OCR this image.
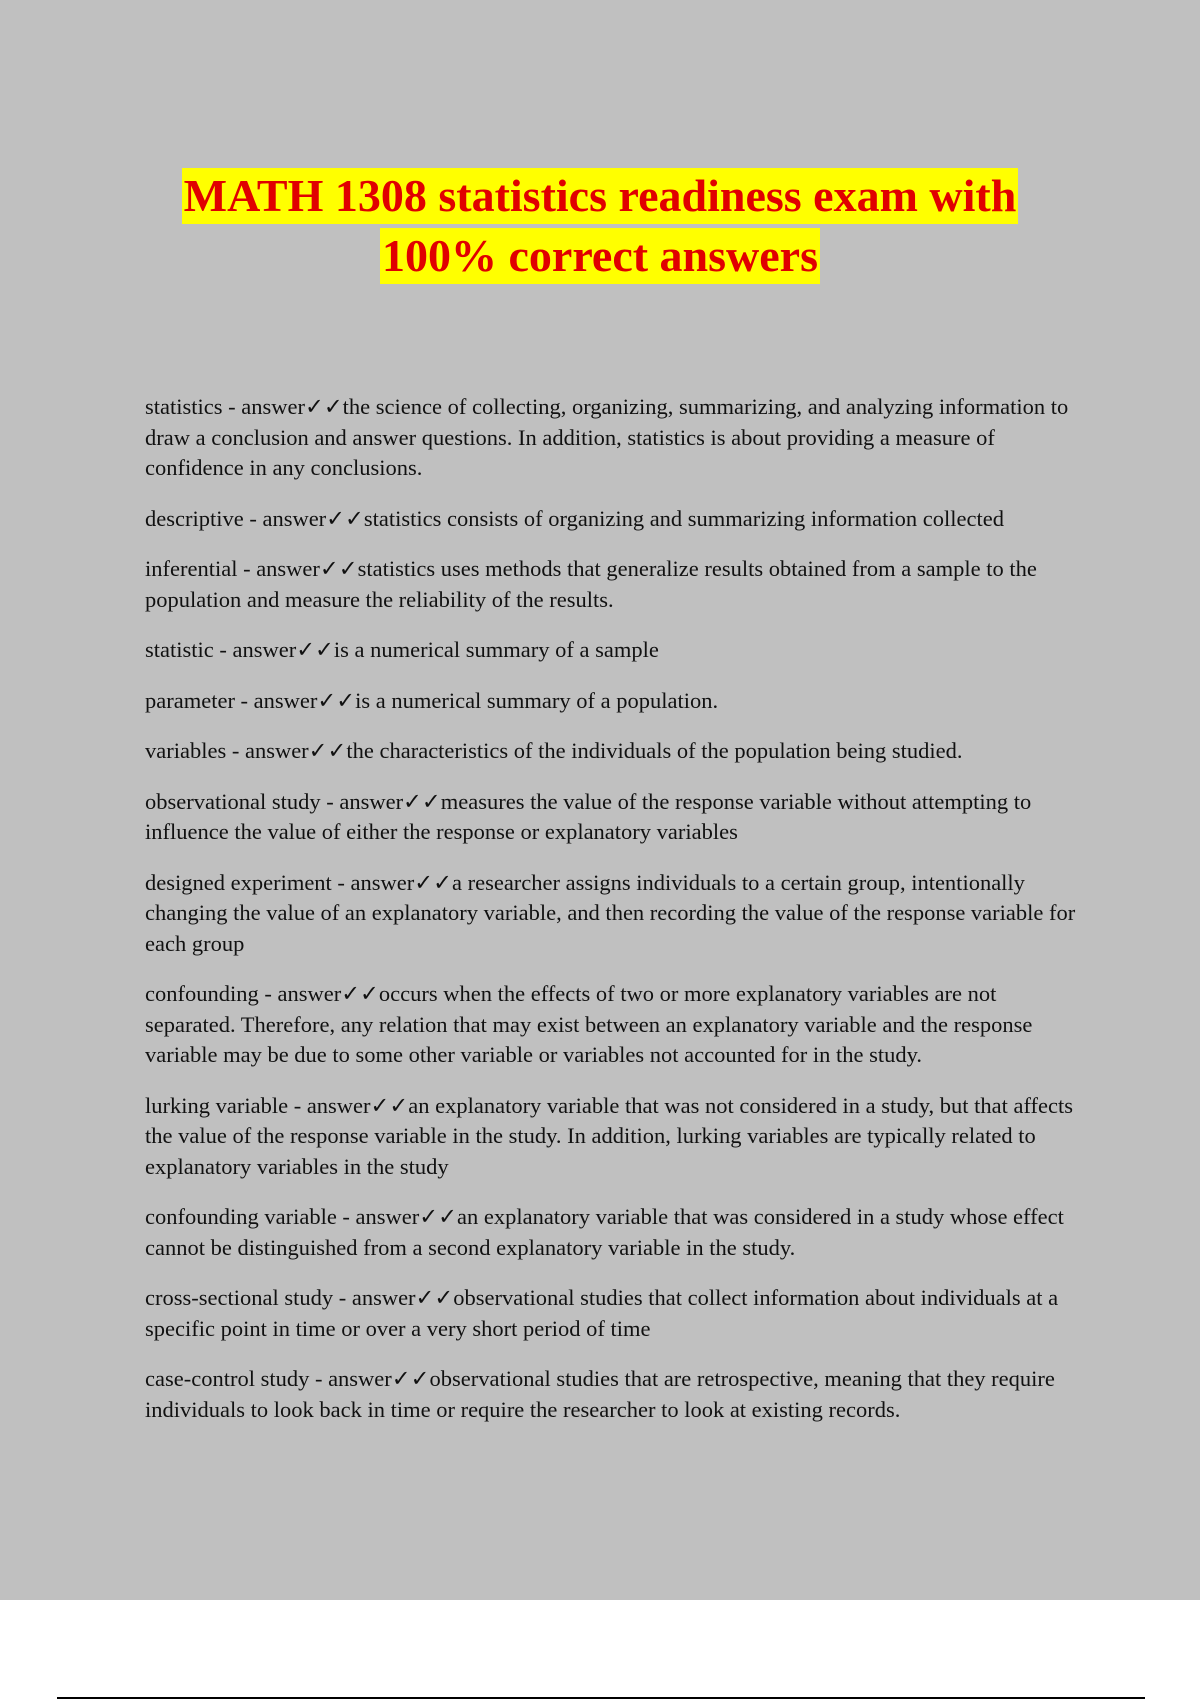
MATH 1308 statistics readiness exam with
100% correct answers

statistics - answer✓✓the science of collecting, organizing, summarizing, and analyzing information to draw a conclusion and answer questions. In addition, statistics is about providing a measure of confidence in any conclusions.

descriptive - answer✓✓statistics consists of organizing and summarizing information collected

inferential - answer✓✓statistics uses methods that generalize results obtained from a sample to the population and measure the reliability of the results.

statistic - answer✓✓is a numerical summary of a sample

parameter - answer✓✓is a numerical summary of a population.

variables - answer✓✓the characteristics of the individuals of the population being studied.

observational study - answer✓✓measures the value of the response variable without attempting to influence the value of either the response or explanatory variables

designed experiment - answer✓✓a researcher assigns individuals to a certain group, intentionally changing the value of an explanatory variable, and then recording the value of the response variable for each group

confounding - answer✓✓occurs when the effects of two or more explanatory variables are not separated. Therefore, any relation that may exist between an explanatory variable and the response variable may be due to some other variable or variables not accounted for in the study.

lurking variable - answer✓✓an explanatory variable that was not considered in a study, but that affects the value of the response variable in the study. In addition, lurking variables are typically related to explanatory variables in the study

confounding variable - answer✓✓an explanatory variable that was considered in a study whose effect cannot be distinguished from a second explanatory variable in the study.

cross-sectional study - answer✓✓observational studies that collect information about individuals at a specific point in time or over a very short period of time

case-control study - answer✓✓observational studies that are retrospective, meaning that they require individuals to look back in time or require the researcher to look at existing records.
